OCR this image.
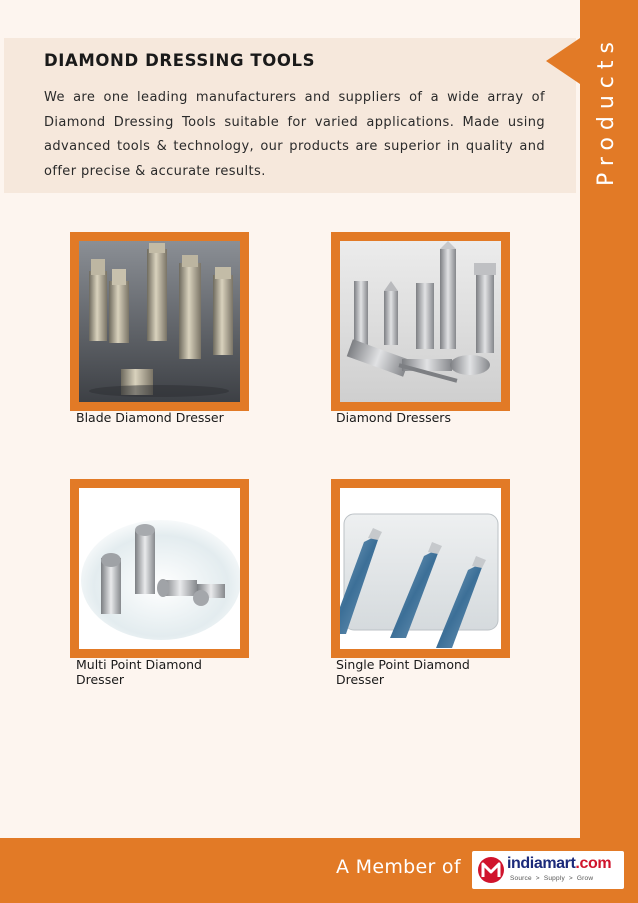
Products
DIAMOND DRESSING TOOLS

We are one leading manufacturers and suppliers of a wide array of Diamond Dressing Tools suitable for varied applications. Made using advanced tools & technology, our products are superior in quality and offer precise & accurate results.

Blade Diamond Dresser	Diamond Dressers
Multi Point Diamond Dresser
Single Point Diamond Dresser
A Member of	indiamart.com
Source  >  Supply  >  Grow
